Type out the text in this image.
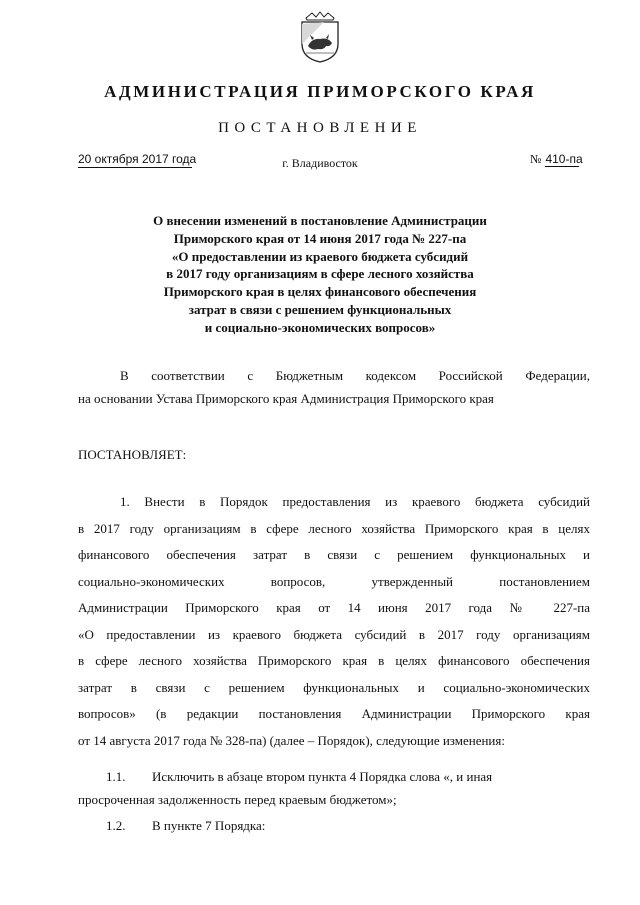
АДМИНИСТРАЦИЯ ПРИМОРСКОГО КРАЯ
ПОСТАНОВЛЕНИЕ
20 октября 2017 года	г. Владивосток	№ 410-па
О внесении изменений в постановление Администрации
Приморского края от 14 июня 2017 года № 227-па
«О предоставлении из краевого бюджета субсидий
в 2017 году организациям в сфере лесного хозяйства
Приморского края в целях финансового обеспечения
затрат в связи с решением функциональных
и социально-экономических вопросов»
В соответствии с Бюджетным кодексом Российской Федерации,
на основании Устава Приморского края Администрация Приморского края
ПОСТАНОВЛЯЕТ:
1. Внести в Порядок предоставления из краевого бюджета субсидий
в 2017 году организациям в сфере лесного хозяйства Приморского края в целях
финансового обеспечения затрат в связи с решением функциональных и
социально-экономических вопросов, утвержденный постановлением
Администрации Приморского края от 14 июня 2017 года № 227-па
«О предоставлении из краевого бюджета субсидий в 2017 году организациям
в сфере лесного хозяйства Приморского края в целях финансового обеспечения
затрат в связи с решением функциональных и социально-экономических
вопросов» (в редакции постановления Администрации Приморского края
от 14 августа 2017 года № 328-па) (далее – Порядок), следующие изменения:
1.1. Исключить в абзаце втором пункта 4 Порядка слова «, и иная
просроченная задолженность перед краевым бюджетом»;
1.2. В пункте 7 Порядка:
